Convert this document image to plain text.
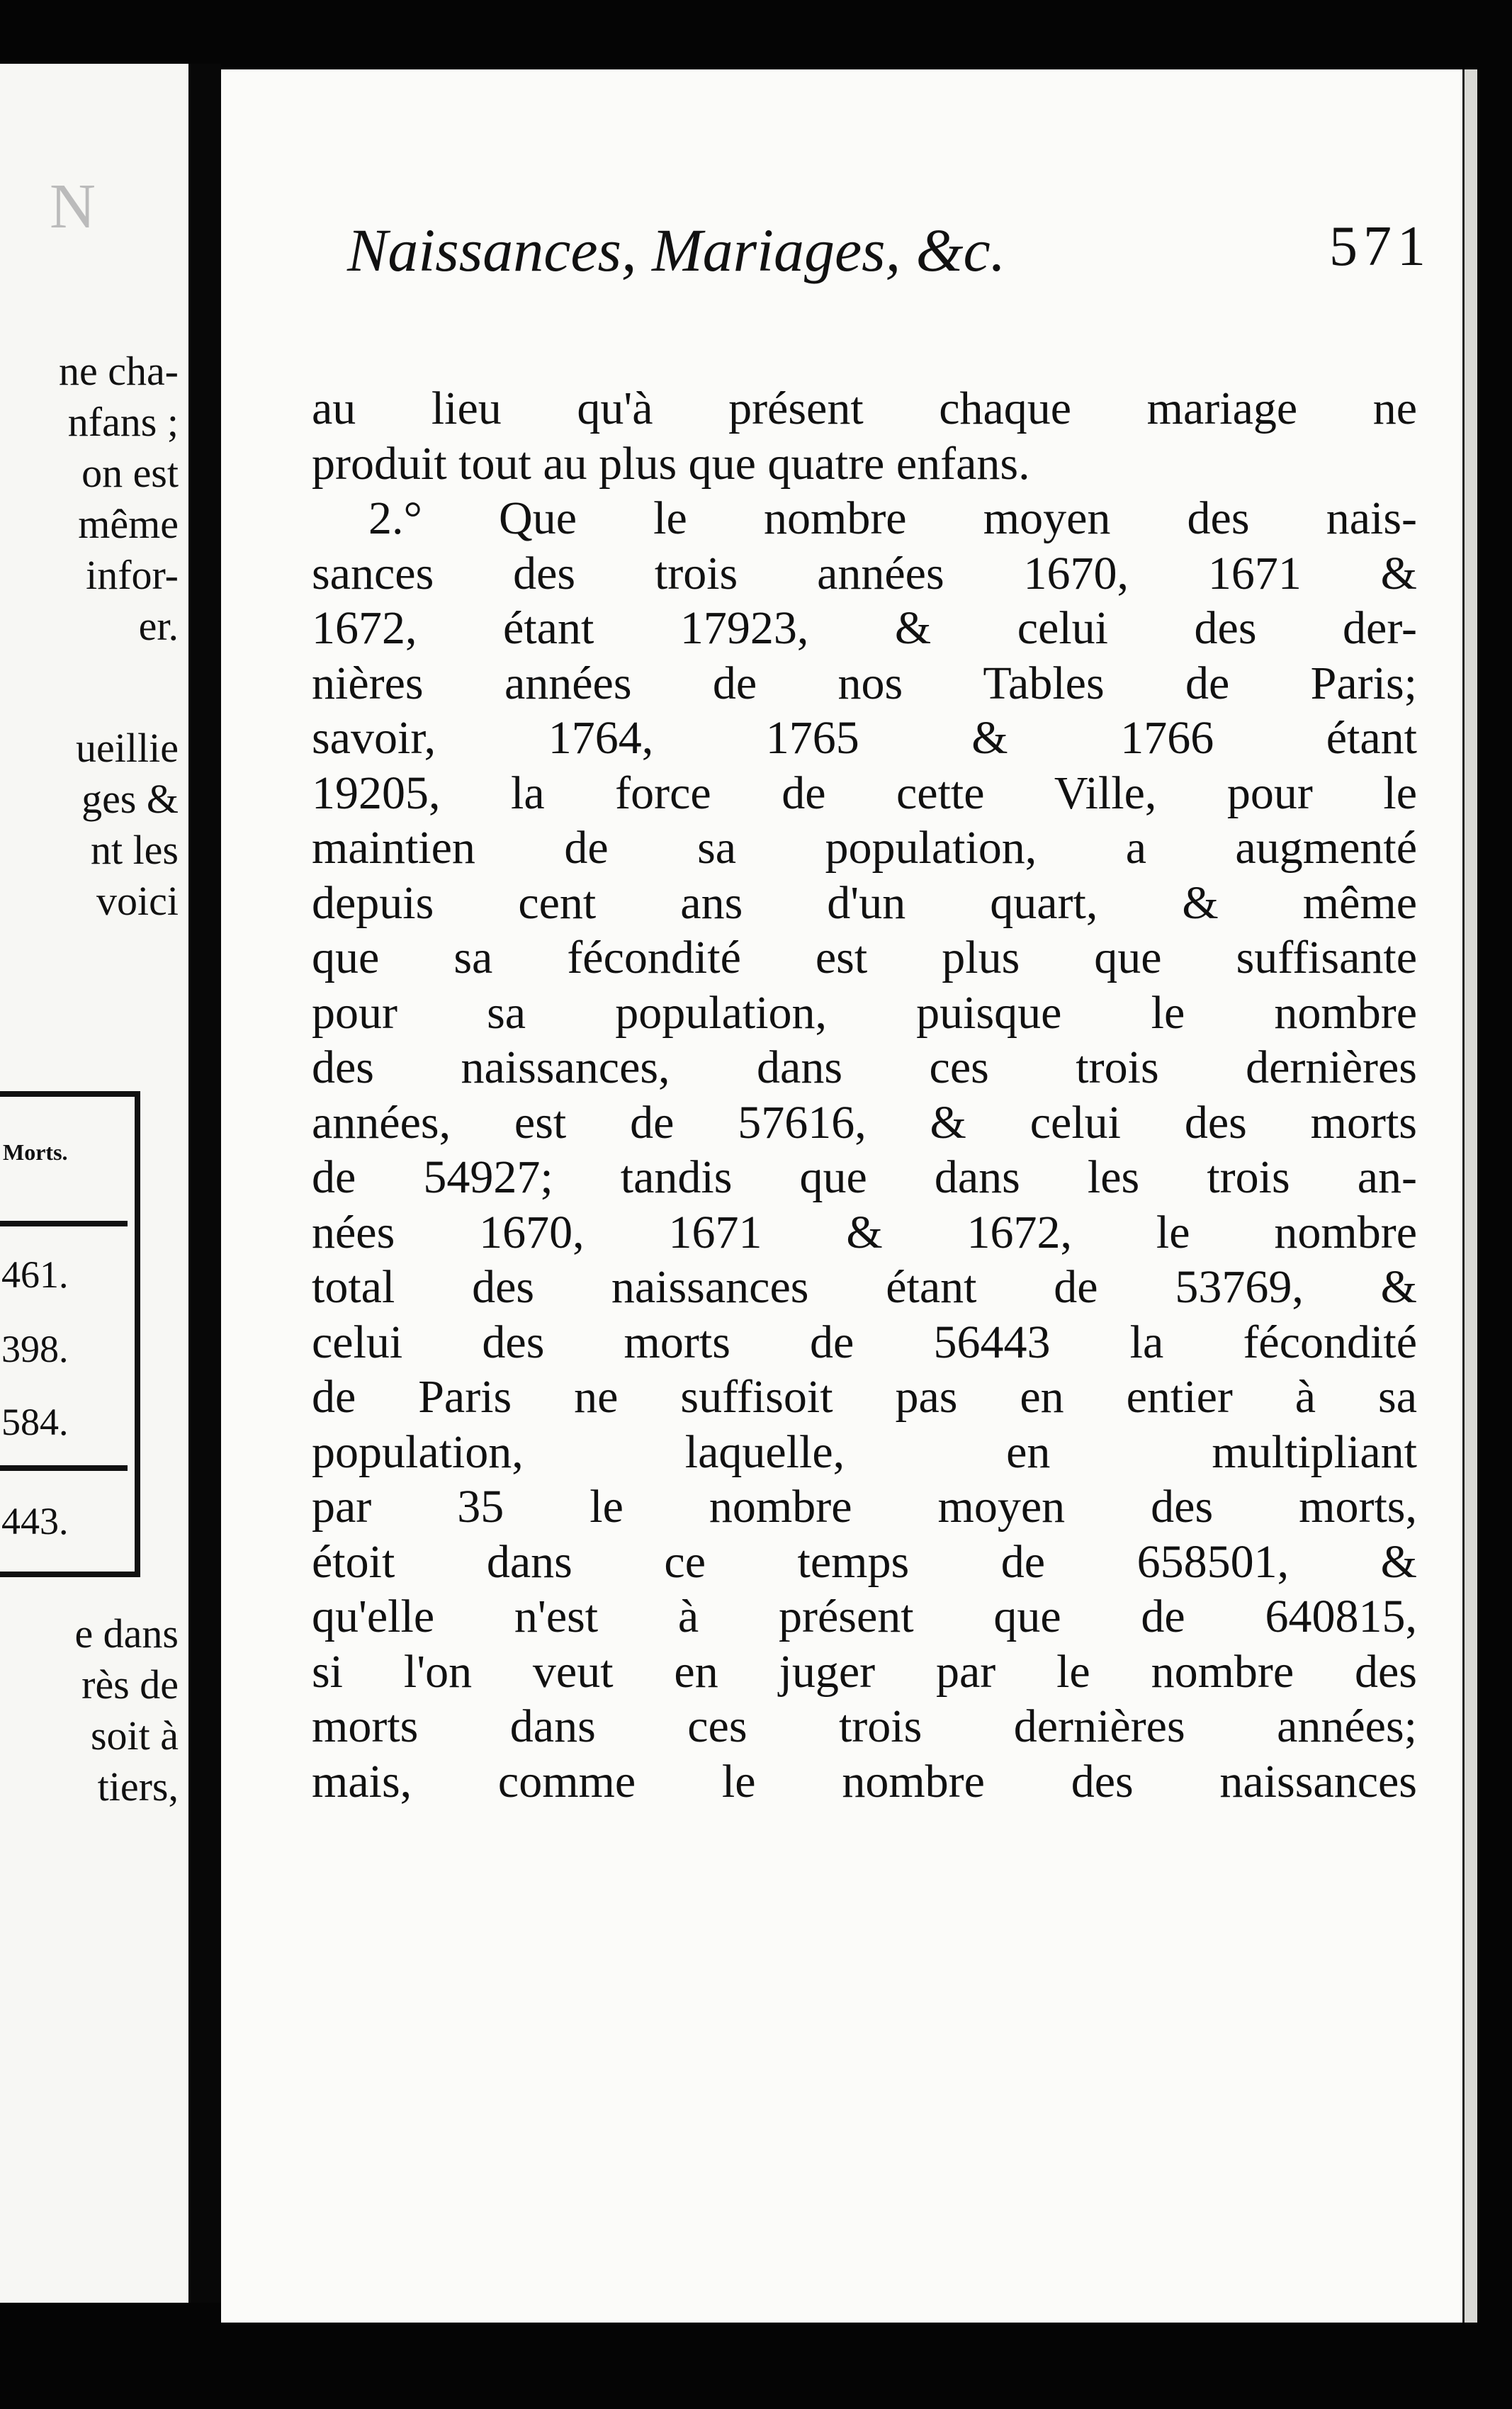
N
ne cha-
nfans ;
on est
même
infor-
er.
ueillie
ges &
nt les
voici
Morts.
461.
398.
584.
443.
e dans
rès de
soit à
tiers,
Naissances, Mariages, &c.	571
au lieu qu'à présent chaque mariage ne
produit tout au plus que quatre enfans.
2.° Que le nombre moyen des nais-
sances des trois années 1670, 1671 &
1672, étant 17923, & celui des der-
nières années de nos Tables de Paris;
savoir, 1764, 1765 & 1766 étant
19205, la force de cette Ville, pour le
maintien de sa population, a augmenté
depuis cent ans d'un quart, & même
que sa fécondité est plus que suffisante
pour sa population, puisque le nombre
des naissances, dans ces trois dernières
années, est de 57616, & celui des morts
de 54927; tandis que dans les trois an-
nées 1670, 1671 & 1672, le nombre
total des naissances étant de 53769, &
celui des morts de 56443 la fécondité
de Paris ne suffisoit pas en entier à sa
population, laquelle, en multipliant
par 35 le nombre moyen des morts,
étoit dans ce temps de 658501, &
qu'elle n'est à présent que de 640815,
si l'on veut en juger par le nombre des
morts dans ces trois dernières années;
mais, comme le nombre des naissances
